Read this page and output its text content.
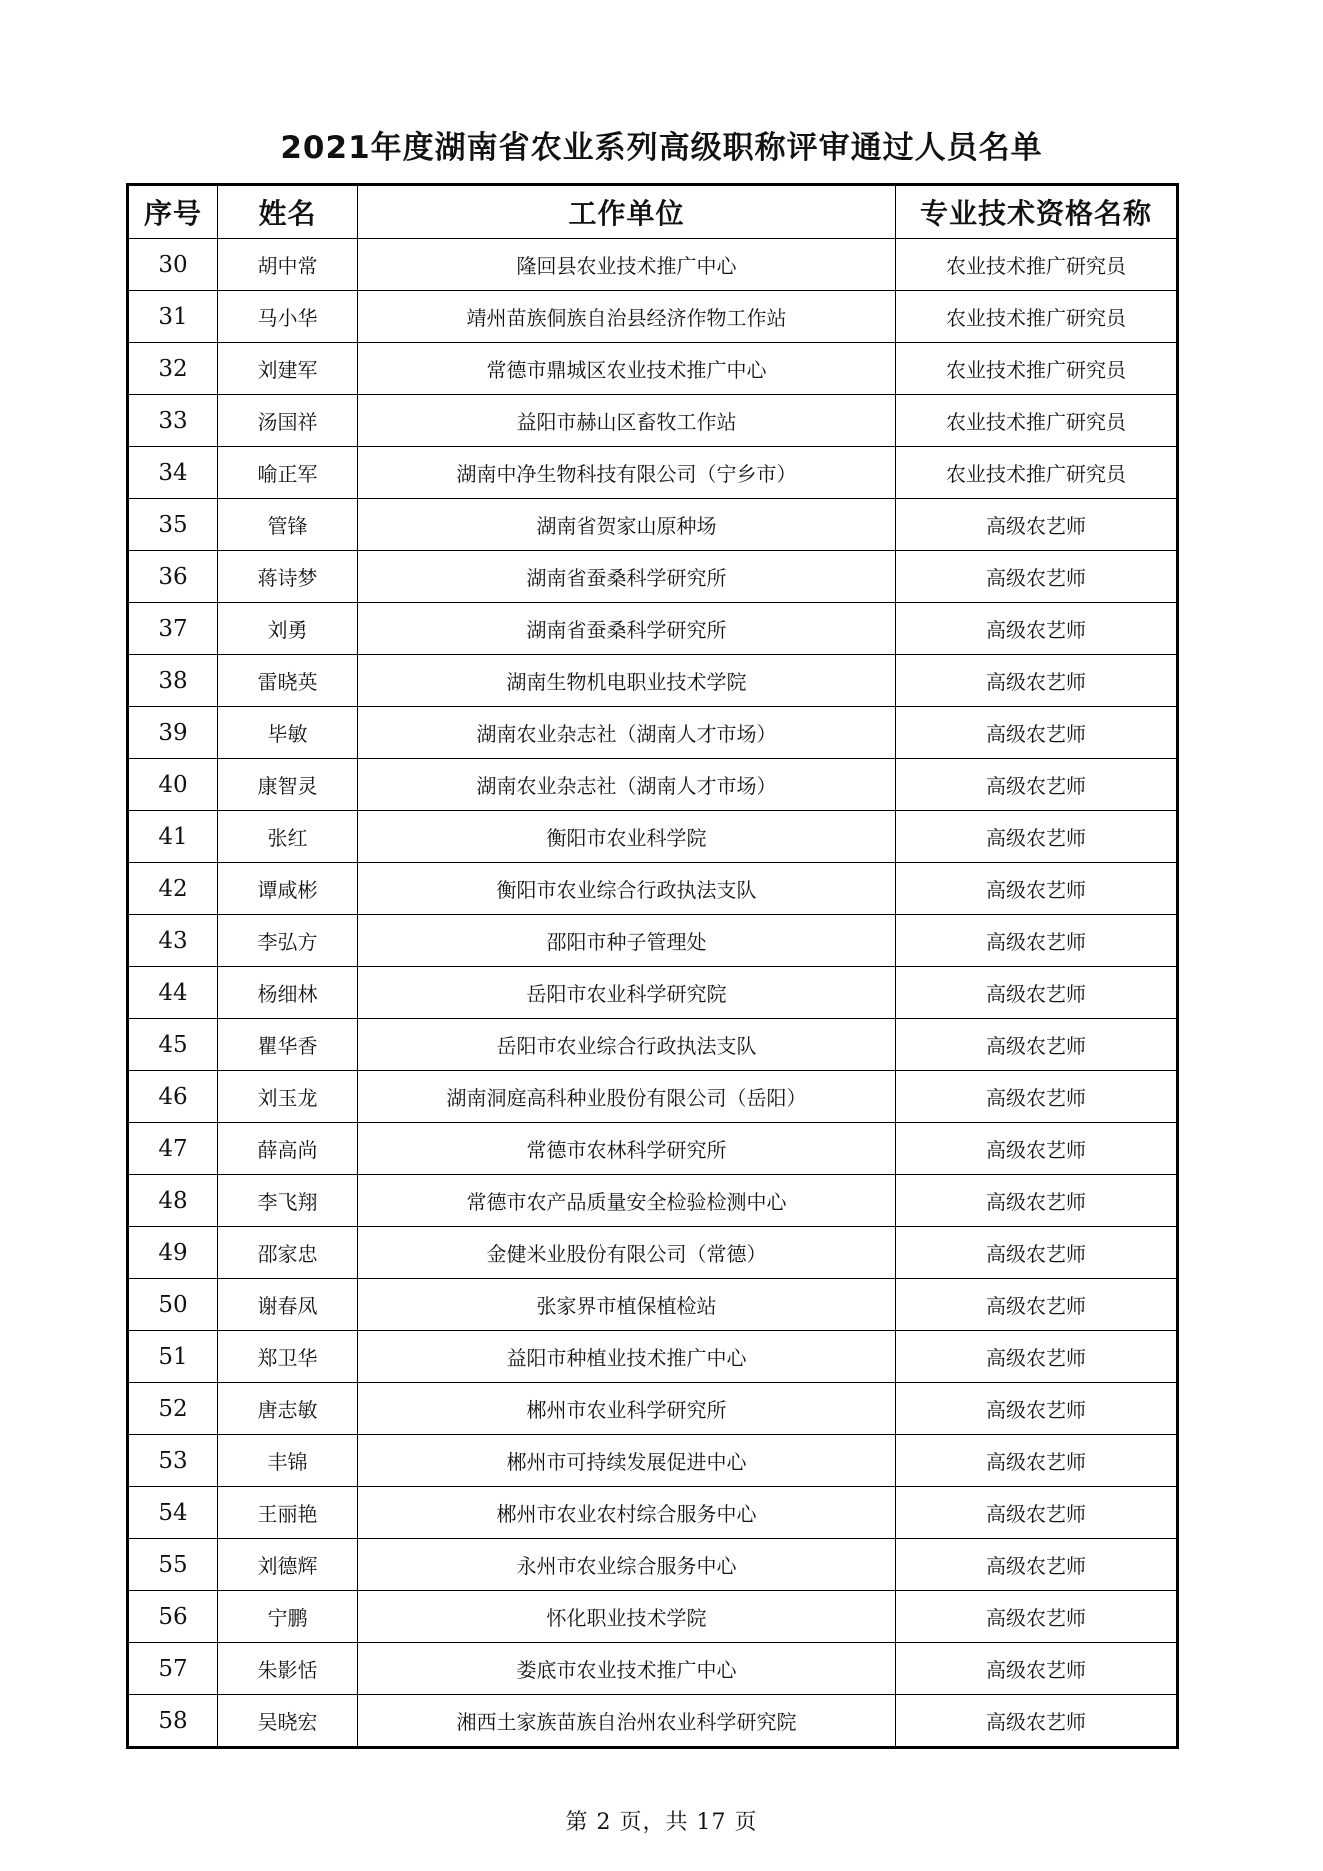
2021年度湖南省农业系列高级职称评审通过人员名单
序号	姓名	工作单位	专业技术资格名称
30	胡中常	隆回县农业技术推广中心	农业技术推广研究员
31	马小华	靖州苗族侗族自治县经济作物工作站	农业技术推广研究员
32	刘建军	常德市鼎城区农业技术推广中心	农业技术推广研究员
33	汤国祥	益阳市赫山区畜牧工作站	农业技术推广研究员
34	喻正军	湖南中净生物科技有限公司（宁乡市）	农业技术推广研究员
35	管锋	湖南省贺家山原种场	高级农艺师
36	蒋诗梦	湖南省蚕桑科学研究所	高级农艺师
37	刘勇	湖南省蚕桑科学研究所	高级农艺师
38	雷晓英	湖南生物机电职业技术学院	高级农艺师
39	毕敏	湖南农业杂志社（湖南人才市场）	高级农艺师
40	康智灵	湖南农业杂志社（湖南人才市场）	高级农艺师
41	张红	衡阳市农业科学院	高级农艺师
42	谭咸彬	衡阳市农业综合行政执法支队	高级农艺师
43	李弘方	邵阳市种子管理处	高级农艺师
44	杨细林	岳阳市农业科学研究院	高级农艺师
45	瞿华香	岳阳市农业综合行政执法支队	高级农艺师
46	刘玉龙	湖南洞庭高科种业股份有限公司（岳阳）	高级农艺师
47	薛高尚	常德市农林科学研究所	高级农艺师
48	李飞翔	常德市农产品质量安全检验检测中心	高级农艺师
49	邵家忠	金健米业股份有限公司（常德）	高级农艺师
50	谢春凤	张家界市植保植检站	高级农艺师
51	郑卫华	益阳市种植业技术推广中心	高级农艺师
52	唐志敏	郴州市农业科学研究所	高级农艺师
53	丰锦	郴州市可持续发展促进中心	高级农艺师
54	王丽艳	郴州市农业农村综合服务中心	高级农艺师
55	刘德辉	永州市农业综合服务中心	高级农艺师
56	宁鹏	怀化职业技术学院	高级农艺师
57	朱影恬	娄底市农业技术推广中心	高级农艺师
58	吴晓宏	湘西土家族苗族自治州农业科学研究院	高级农艺师
第 2 页，共 17 页
